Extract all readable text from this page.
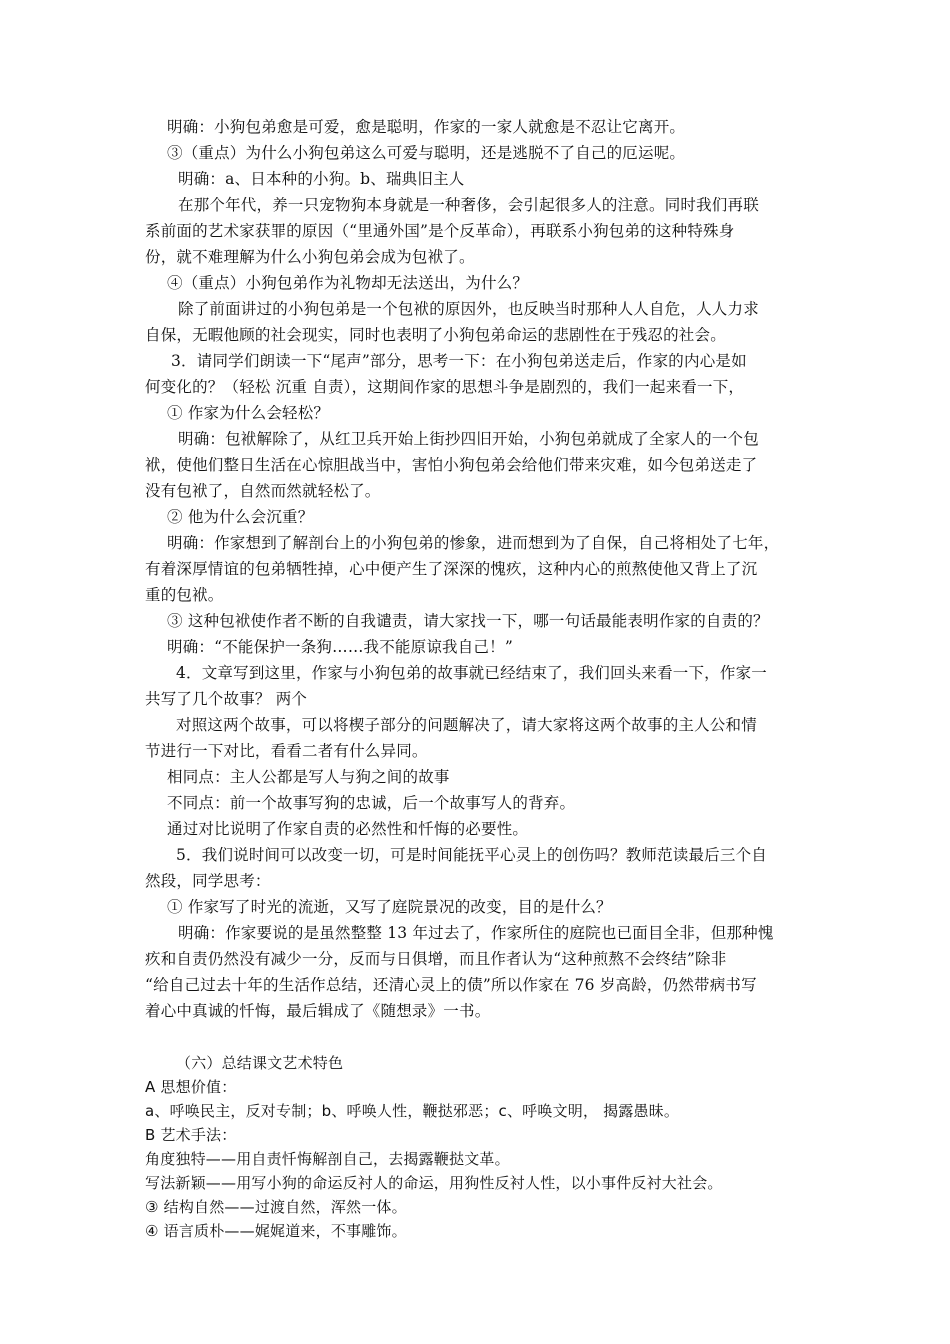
明确：小狗包弟愈是可爱，愈是聪明，作家的一家人就愈是不忍让它离开。
③（重点）为什么小狗包弟这么可爱与聪明，还是逃脱不了自己的厄运呢。
明确：a、日本种的小狗。b、瑞典旧主人
在那个年代，养一只宠物狗本身就是一种奢侈，会引起很多人的注意。同时我们再联
系前面的艺术家获罪的原因（“里通外国”是个反革命），再联系小狗包弟的这种特殊身
份，就不难理解为什么小狗包弟会成为包袱了。
④（重点）小狗包弟作为礼物却无法送出，为什么？
除了前面讲过的小狗包弟是一个包袱的原因外，也反映当时那种人人自危，人人力求
自保，无暇他顾的社会现实，同时也表明了小狗包弟命运的悲剧性在于残忍的社会。
3．请同学们朗读一下“尾声”部分，思考一下：在小狗包弟送走后，作家的内心是如
何变化的？（轻松 沉重 自责），这期间作家的思想斗争是剧烈的，我们一起来看一下，
① 作家为什么会轻松？
明确：包袱解除了，从红卫兵开始上街抄四旧开始，小狗包弟就成了全家人的一个包
袱，使他们整日生活在心惊胆战当中，害怕小狗包弟会给他们带来灾难，如今包弟送走了
没有包袱了，自然而然就轻松了。
② 他为什么会沉重？
明确：作家想到了解剖台上的小狗包弟的惨象，进而想到为了自保，自己将相处了七年，
有着深厚情谊的包弟牺牲掉，心中便产生了深深的愧疚，这种内心的煎熬使他又背上了沉
重的包袱。
③ 这种包袱使作者不断的自我谴责，请大家找一下，哪一句话最能表明作家的自责的？
明确：“不能保护一条狗……我不能原谅我自己！”
4．文章写到这里，作家与小狗包弟的故事就已经结束了，我们回头来看一下，作家一
共写了几个故事？ 两个
对照这两个故事，可以将楔子部分的问题解决了，请大家将这两个故事的主人公和情
节进行一下对比，看看二者有什么异同。
相同点：主人公都是写人与狗之间的故事
不同点：前一个故事写狗的忠诚，后一个故事写人的背弃。
通过对比说明了作家自责的必然性和忏悔的必要性。
5．我们说时间可以改变一切，可是时间能抚平心灵上的创伤吗？教师范读最后三个自
然段，同学思考：
① 作家写了时光的流逝，又写了庭院景况的改变，目的是什么？
明确：作家要说的是虽然整整 13 年过去了，作家所住的庭院也已面目全非，但那种愧
疚和自责仍然没有减少一分，反而与日俱增，而且作者认为“这种煎熬不会终结”除非
“给自己过去十年的生活作总结，还清心灵上的债”所以作家在 76 岁高龄，仍然带病书写
着心中真诚的忏悔，最后辑成了《随想录》一书。
（六）总结课文艺术特色
A 思想价值：
a、呼唤民主，反对专制；b、呼唤人性，鞭挞邪恶；c、呼唤文明， 揭露愚昧。
B 艺术手法：
角度独特——用自责忏悔解剖自己，去揭露鞭挞文革。
写法新颖——用写小狗的命运反衬人的命运，用狗性反衬人性，以小事件反衬大社会。
③ 结构自然——过渡自然，浑然一体。
④ 语言质朴——娓娓道来，不事雕饰。
